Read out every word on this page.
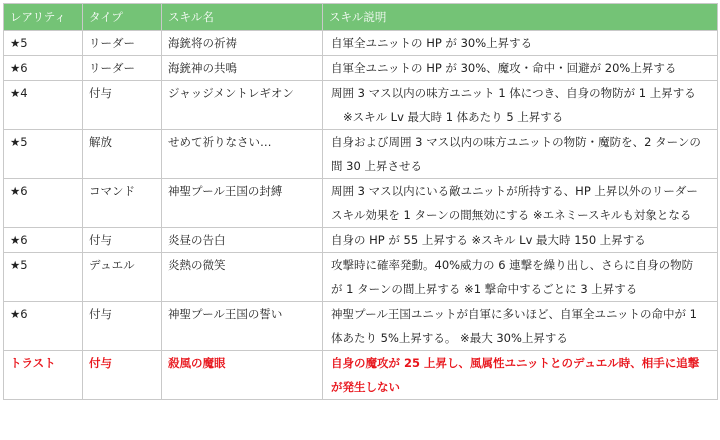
レアリティ	タイプ	スキル名	スキル説明
★5	リーダー	海銃将の祈祷	自軍全ユニットの HP が 30%上昇する

★6	リーダー	海銃神の共鳴	自軍全ユニットの HP が 30%、魔攻・命中・回避が 20%上昇する

★4	付与	ジャッジメントレギオン	周囲 3 マス以内の味方ユニット 1 体につき、自身の物防が 1 上昇する
※スキル Lv 最大時 1 体あたり 5 上昇する

★5	解放	せめて祈りなさい…	自身および周囲 3 マス以内の味方ユニットの物防・魔防を、2 ターンの
間 30 上昇させる

★6	コマンド	神聖プール王国の封縛	周囲 3 マス以内にいる敵ユニットが所持する、HP 上昇以外のリーダー
スキル効果を 1 ターンの間無効にする ※エネミースキルも対象となる

★6	付与	炎昼の告白	自身の HP が 55 上昇する ※スキル Lv 最大時 150 上昇する

★5	デュエル	炎熱の微笑	攻撃時に確率発動。40%威力の 6 連撃を繰り出し、さらに自身の物防
が 1 ターンの間上昇する ※1 撃命中するごとに 3 上昇する

★6	付与	神聖プール王国の誓い	神聖プール王国ユニットが自軍に多いほど、自軍全ユニットの命中が 1
体あたり 5%上昇する。 ※最大 30%上昇する

トラスト	付与	殺風の魔眼	自身の魔攻が 25 上昇し、風属性ユニットとのデュエル時、相手に追撃
が発生しない
